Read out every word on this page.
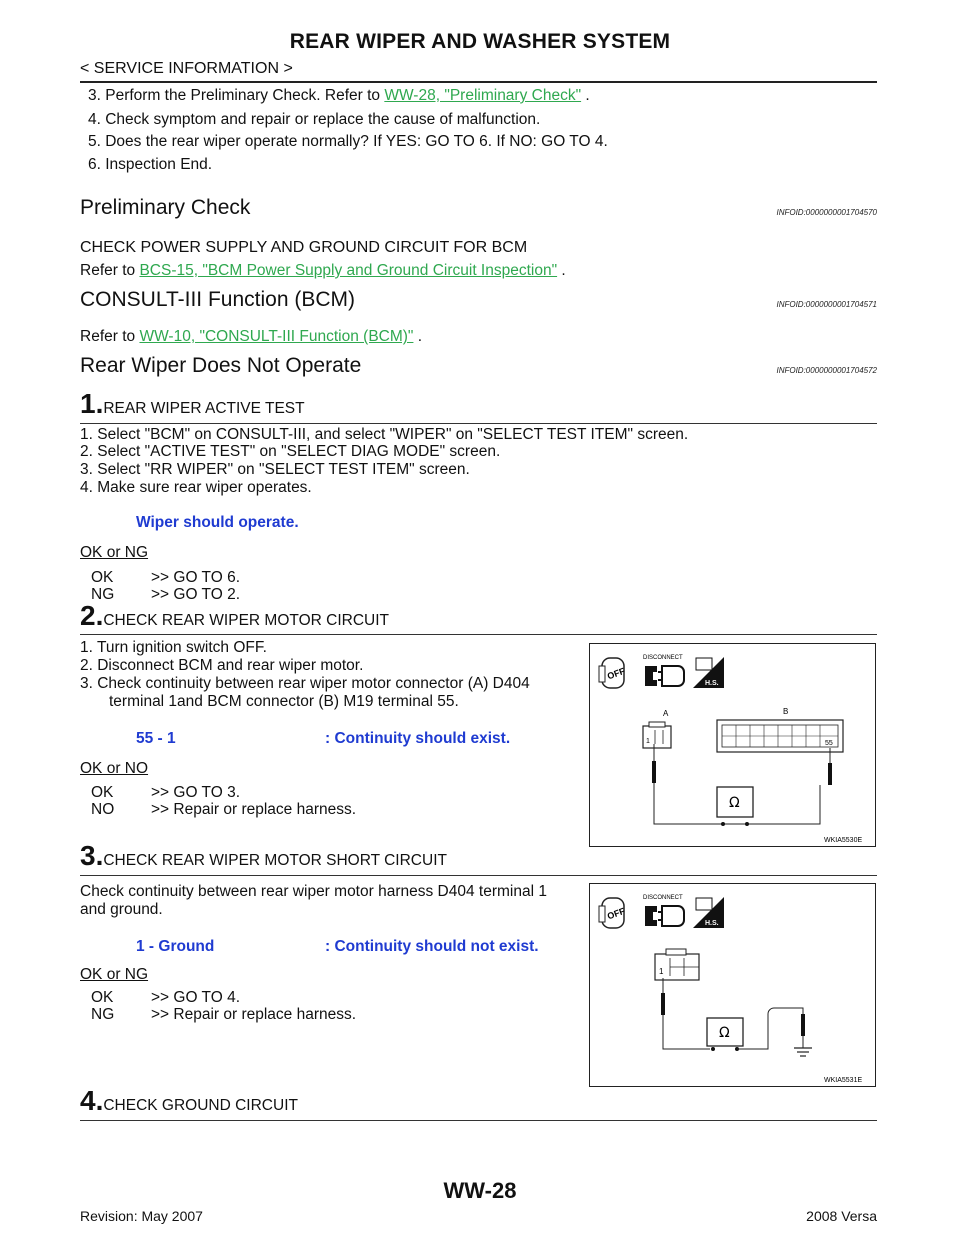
REAR WIPER AND WASHER SYSTEM
< SERVICE INFORMATION >
3. Perform the Preliminary Check. Refer to WW-28, "Preliminary Check" .
4. Check symptom and repair or replace the cause of malfunction.
5. Does the rear wiper operate normally? If YES: GO TO 6. If NO: GO TO 4.
6. Inspection End.
Preliminary Check	INFOID:0000000001704570
CHECK POWER SUPPLY AND GROUND CIRCUIT FOR BCM
Refer to BCS-15, "BCM Power Supply and Ground Circuit Inspection" .
CONSULT-III Function (BCM)	INFOID:0000000001704571
Refer to WW-10, "CONSULT-III Function (BCM)" .
Rear Wiper Does Not Operate	INFOID:0000000001704572
1.REAR WIPER ACTIVE TEST
1. Select "BCM" on CONSULT-III, and select "WIPER" on "SELECT TEST ITEM" screen.
2. Select "ACTIVE TEST" on "SELECT DIAG MODE" screen.
3. Select "RR WIPER" on "SELECT TEST ITEM" screen.
4. Make sure rear wiper operates.
Wiper should operate.
OK or NG
OK >> GO TO 6.
NG >> GO TO 2.
2.CHECK REAR WIPER MOTOR CIRCUIT
1. Turn ignition switch OFF.
2. Disconnect BCM and rear wiper motor.
3. Check continuity between rear wiper motor connector (A) D404
terminal 1and BCM connector (B) M19 terminal 55.
55 - 1	: Continuity should exist.
OK or NO
OK >> GO TO 3.
NO >> Repair or replace harness.
OFF
DISCONNECT
H.S.
A
1
B
55
Ω
WKIA5530E
3.CHECK REAR WIPER MOTOR SHORT CIRCUIT
Check continuity between rear wiper motor harness D404 terminal 1
and ground.
1 - Ground	: Continuity should not exist.
OK or NG
OK >> GO TO 4.
NG >> Repair or replace harness.
OFF
DISCONNECT
H.S.
1
Ω
WKIA5531E
4.CHECK GROUND CIRCUIT
WW-28
Revision: May 2007	2008 Versa
